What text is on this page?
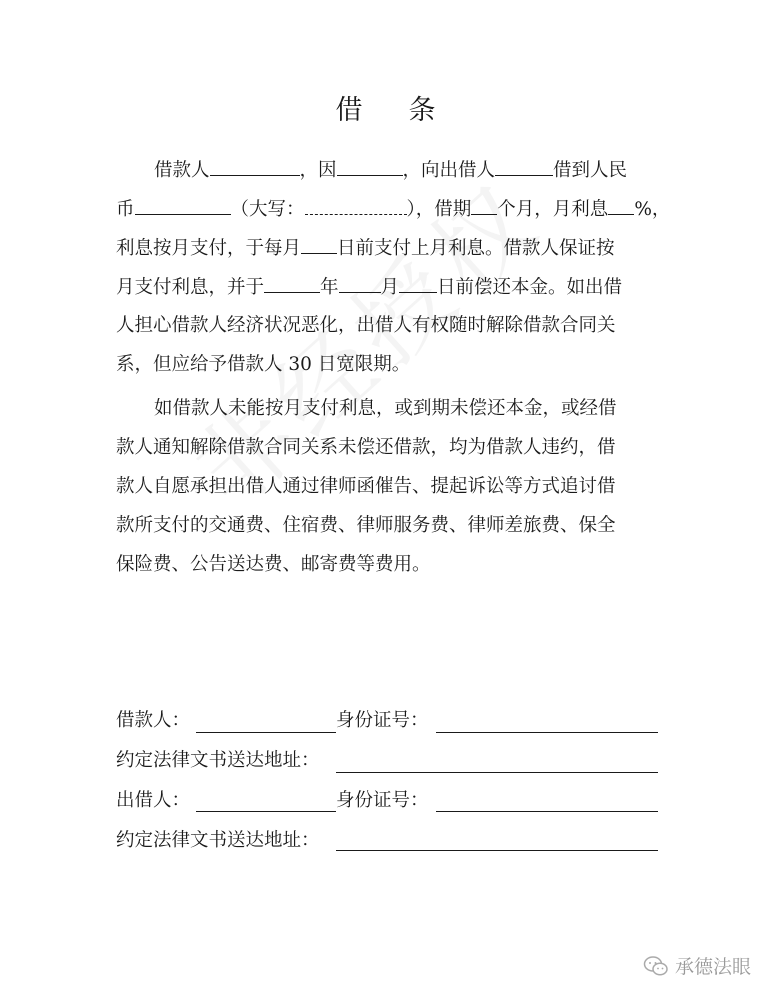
借 条
借款人	，因	，向出借人	借到人民
币	（大写：	），借期 个月，月利息 %，
利息按月支付，于每月 日前支付上月利息。借款人保证按
月支付利息，并于	年 月 日前偿还本金。如出借
人担心借款人经济状况恶化，出借人有权随时解除借款合同关
系，但应给予借款人 30 日宽限期。
如借款人未能按月支付利息，或到期未偿还本金，或经借
款人通知解除借款合同关系未偿还借款，均为借款人违约，借
款人自愿承担出借人通过律师函催告、提起诉讼等方式追讨借
款所支付的交通费、住宿费、律师服务费、律师差旅费、保全
保险费、公告送达费、邮寄费等费用。
借款人：	身份证号：
约定法律文书送达地址：
出借人：	身份证号：
约定法律文书送达地址：
承德法眼
